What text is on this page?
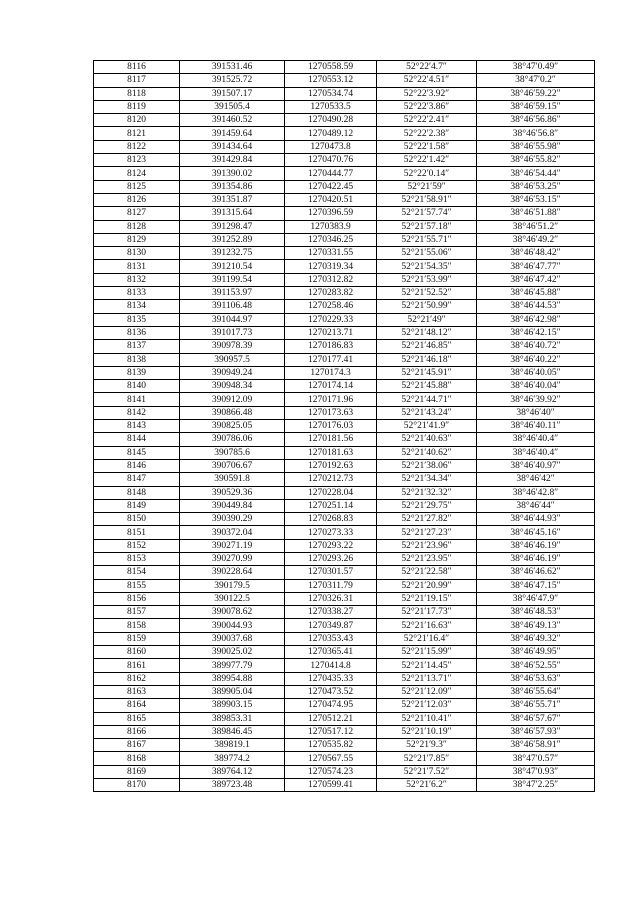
8116	391531.46	1270558.59	52°22′4.7″	38°47′0.49″
8117	391525.72	1270553.12	52°22′4.51″	38°47′0.2″
8118	391507.17	1270534.74	52°22′3.92″	38°46′59.22″
8119	391505.4	1270533.5	52°22′3.86″	38°46′59.15″
8120	391460.52	1270490.28	52°22′2.41″	38°46′56.86″
8121	391459.64	1270489.12	52°22′2.38″	38°46′56.8″
8122	391434.64	1270473.8	52°22′1.58″	38°46′55.98″
8123	391429.84	1270470.76	52°22′1.42″	38°46′55.82″
8124	391390.02	1270444.77	52°22′0.14″	38°46′54.44″
8125	391354.86	1270422.45	52°21′59″	38°46′53.25″
8126	391351.87	1270420.51	52°21′58.91″	38°46′53.15″
8127	391315.64	1270396.59	52°21′57.74″	38°46′51.88″
8128	391298.47	1270383.9	52°21′57.18″	38°46′51.2″
8129	391252.89	1270346.25	52°21′55.71″	38°46′49.2″
8130	391232.75	1270331.55	52°21′55.06″	38°46′48.42″
8131	391210.54	1270319.34	52°21′54.35″	38°46′47.77″
8132	391199.54	1270312.82	52°21′53.99″	38°46′47.42″
8133	391153.97	1270283.82	52°21′52.52″	38°46′45.88″
8134	391106.48	1270258.46	52°21′50.99″	38°46′44.53″
8135	391044.97	1270229.33	52°21′49″	38°46′42.98″
8136	391017.73	1270213.71	52°21′48.12″	38°46′42.15″
8137	390978.39	1270186.83	52°21′46.85″	38°46′40.72″
8138	390957.5	1270177.41	52°21′46.18″	38°46′40.22″
8139	390949.24	1270174.3	52°21′45.91″	38°46′40.05″
8140	390948.34	1270174.14	52°21′45.88″	38°46′40.04″
8141	390912.09	1270171.96	52°21′44.71″	38°46′39.92″
8142	390866.48	1270173.63	52°21′43.24″	38°46′40″
8143	390825.05	1270176.03	52°21′41.9″	38°46′40.11″
8144	390786.06	1270181.56	52°21′40.63″	38°46′40.4″
8145	390785.6	1270181.63	52°21′40.62″	38°46′40.4″
8146	390706.67	1270192.63	52°21′38.06″	38°46′40.97″
8147	390591.8	1270212.73	52°21′34.34″	38°46′42″
8148	390529.36	1270228.04	52°21′32.32″	38°46′42.8″
8149	390449.84	1270251.14	52°21′29.75″	38°46′44″
8150	390390.29	1270268.83	52°21′27.82″	38°46′44.93″
8151	390372.04	1270273.33	52°21′27.23″	38°46′45.16″
8152	390271.19	1270293.22	52°21′23.96″	38°46′46.19″
8153	390270.99	1270293.26	52°21′23.95″	38°46′46.19″
8154	390228.64	1270301.57	52°21′22.58″	38°46′46.62″
8155	390179.5	1270311.79	52°21′20.99″	38°46′47.15″
8156	390122.5	1270326.31	52°21′19.15″	38°46′47.9″
8157	390078.62	1270338.27	52°21′17.73″	38°46′48.53″
8158	390044.93	1270349.87	52°21′16.63″	38°46′49.13″
8159	390037.68	1270353.43	52°21′16.4″	38°46′49.32″
8160	390025.02	1270365.41	52°21′15.99″	38°46′49.95″
8161	389977.79	1270414.8	52°21′14.45″	38°46′52.55″
8162	389954.88	1270435.33	52°21′13.71″	38°46′53.63″
8163	389905.04	1270473.52	52°21′12.09″	38°46′55.64″
8164	389903.15	1270474.95	52°21′12.03″	38°46′55.71″
8165	389853.31	1270512.21	52°21′10.41″	38°46′57.67″
8166	389846.45	1270517.12	52°21′10.19″	38°46′57.93″
8167	389819.1	1270535.82	52°21′9.3″	38°46′58.91″
8168	389774.2	1270567.55	52°21′7.85″	38°47′0.57″
8169	389764.12	1270574.23	52°21′7.52″	38°47′0.93″
8170	389723.48	1270599.41	52°21′6.2″	38°47′2.25″
